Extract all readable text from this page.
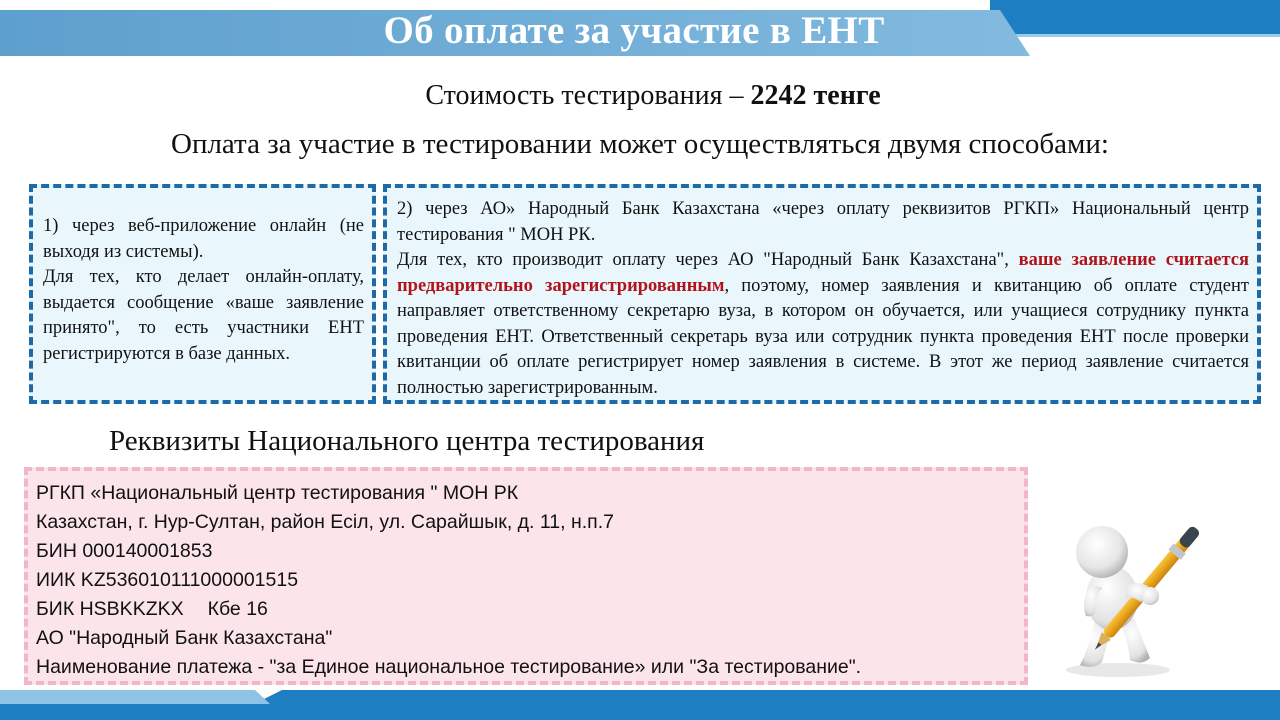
Об оплате за участие в ЕНТ
Стоимость тестирования – 2242 тенге
Оплата за участие в тестировании может осуществляться двумя способами:

1) через веб-приложение онлайн (не выходя из системы).

Для тех, кто делает онлайн-оплату, выдается сообщение «ваше заявление принято", то есть участники ЕНТ регистрируются в базе данных.

2) через АО» Народный Банк Казахстана «через оплату реквизитов РГКП» Национальный центр тестирования " МОН РК.

Для тех, кто производит оплату через АО "Народный Банк Казахстана", ваше заявление считается предварительно зарегистрированным, поэтому, номер заявления и квитанцию об оплате студент направляет ответственному секретарю вуза, в котором он обучается, или учащиеся сотруднику пункта проведения ЕНТ. Ответственный секретарь вуза или сотрудник пункта проведения ЕНТ после проверки квитанции об оплате регистрирует номер заявления в системе. В этот же период заявление считается полностью зарегистрированным.

Реквизиты Национального центра тестирования
РГКП «Национальный центр тестирования " МОН РК
Казахстан, г. Нур-Султан, район Есіл, ул. Сарайшык, д. 11, н.п.7
БИН 000140001853
ИИК KZ536010111000001515
БИК HSBKKZKX Кбе 16
АО "Народный Банк Казахстана"
Наименование платежа - "за Единое национальное тестирование» или "За тестирование".
